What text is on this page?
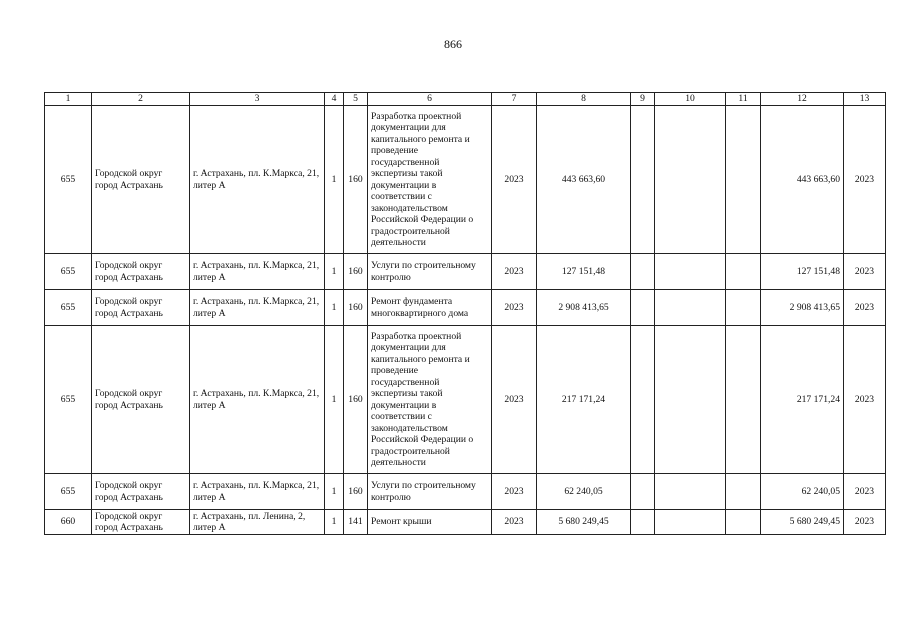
866
1	2	3	4	5	6	7	8	9	10	11	12	13
655	Городской округ город Астрахань	г. Астрахань, пл. К.Маркса, 21, литер А	1	160	Разработка проектной документации для капитального ремонта и проведение государственной экспертизы такой документации в соответствии с законодательством Российской Федерации о градостроительной деятельности	2023	443 663,60				443 663,60	2023
655	Городской округ город Астрахань	г. Астрахань, пл. К.Маркса, 21, литер А	1	160	Услуги по строительному контролю	2023	127 151,48				127 151,48	2023
655	Городской округ город Астрахань	г. Астрахань, пл. К.Маркса, 21, литер А	1	160	Ремонт фундамента многоквартирного дома	2023	2 908 413,65				2 908 413,65	2023
655	Городской округ город Астрахань	г. Астрахань, пл. К.Маркса, 21, литер А	1	160	Разработка проектной документации для капитального ремонта и проведение государственной экспертизы такой документации в соответствии с законодательством Российской Федерации о градостроительной деятельности	2023	217 171,24				217 171,24	2023
655	Городской округ город Астрахань	г. Астрахань, пл. К.Маркса, 21, литер А	1	160	Услуги по строительному контролю	2023	62 240,05				62 240,05	2023
660	Городской округ город Астрахань	г. Астрахань, пл. Ленина, 2, литер А	1	141	Ремонт крыши	2023	5 680 249,45				5 680 249,45	2023
